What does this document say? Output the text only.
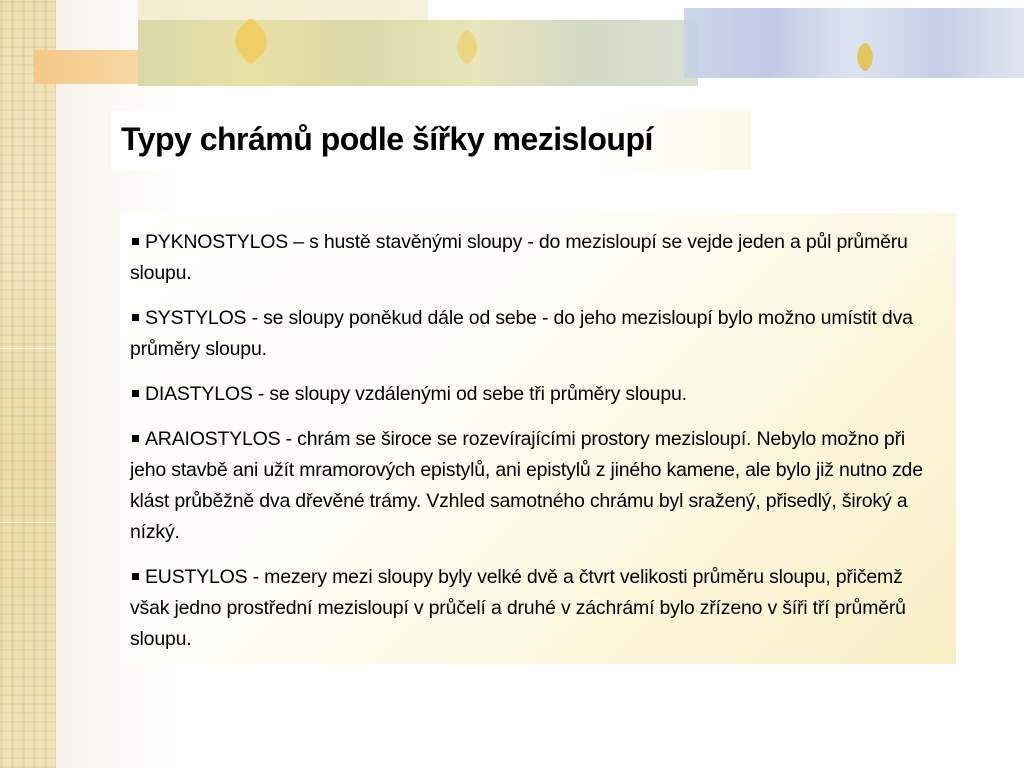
Typy chrámů podle šířky mezisloupí

PYKNOSTYLOS – s hustě stavěnými sloupy - do mezisloupí se vejde jeden a půl průměru sloupu.

SYSTYLOS - se sloupy poněkud dále od sebe - do jeho mezisloupí bylo možno umístit dva průměry sloupu.

DIASTYLOS - se sloupy vzdálenými od sebe tři průměry sloupu.

ARAIOSTYLOS - chrám se široce se rozevírajícími prostory mezisloupí. Nebylo možno při jeho stavbě ani užít mramorových epistylů, ani epistylů z jiného kamene, ale bylo již nutno zde klást průběžně dva dřevěné trámy. Vzhled samotného chrámu byl sražený, přisedlý, široký a nízký.

EUSTYLOS - mezery mezi sloupy byly velké dvě a čtvrt velikosti průměru sloupu, přičemž však jedno prostřední mezisloupí v průčelí a druhé v záchrámí bylo zřízeno v šíři tří průměrů sloupu.
